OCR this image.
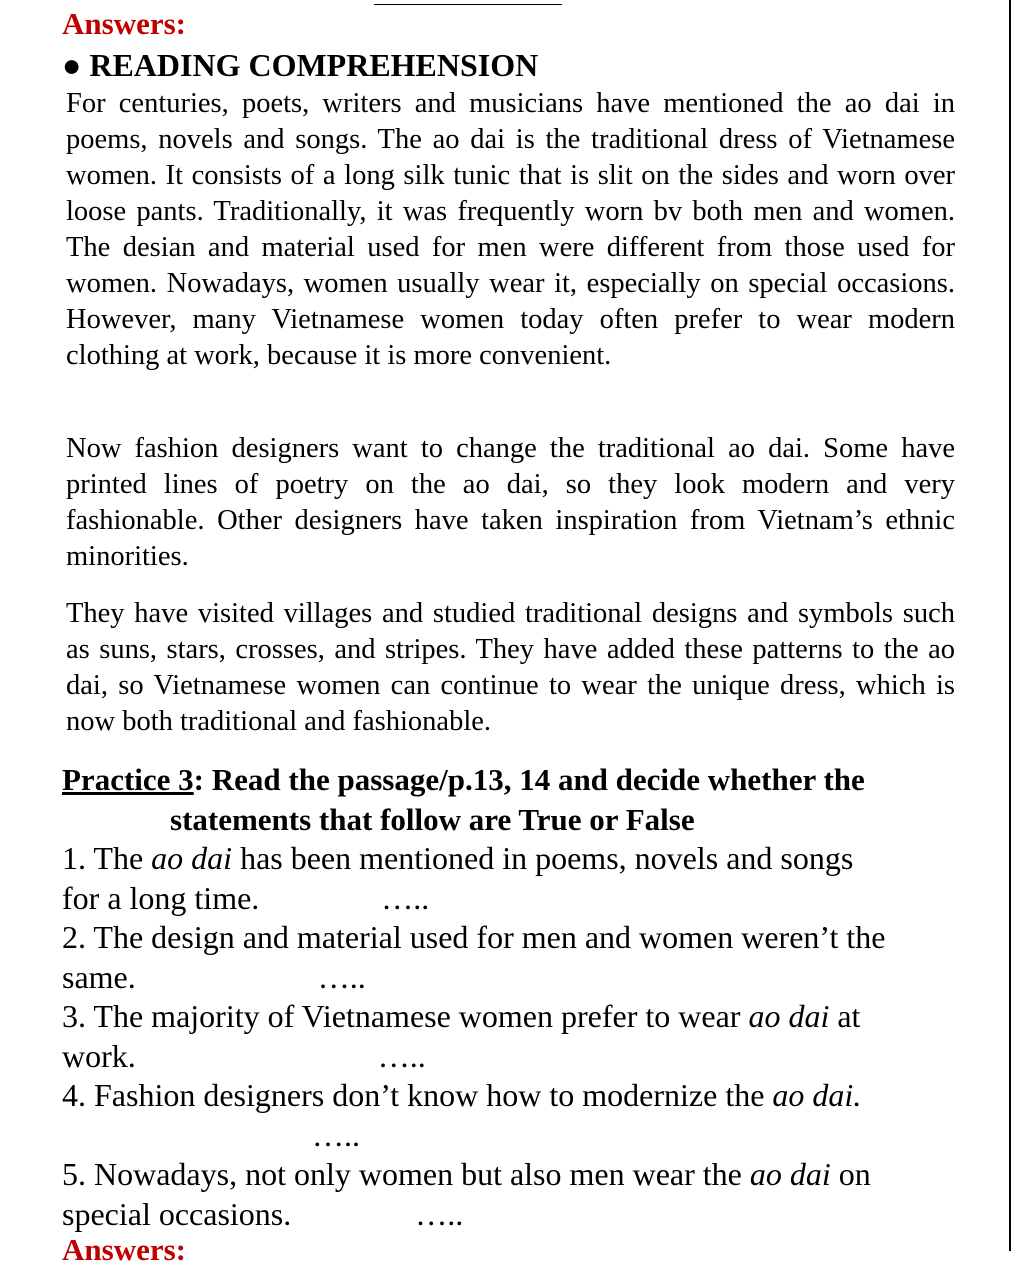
Answers:
● READING COMPREHENSION

For centuries, poets, writers and musicians have mentioned the ao dai in poems, novels and songs. The ao dai is the traditional dress of Vietnamese women. It consists of a long silk tunic that is slit on the sides and worn over loose pants. Traditionally, it was frequently worn bv both men and women. The desian and material used for men were different from those used for women. Nowadays, women usually wear it, especially on special occasions. However, many Vietnamese women today often prefer to wear modern clothing at work, because it is more convenient.

Now fashion designers want to change the traditional ao dai. Some have printed lines of poetry on the ao dai, so they look modern and very fashionable. Other designers have taken inspiration from Vietnam’s ethnic minorities.

They have visited villages and studied traditional designs and symbols such as suns, stars, crosses, and stripes. They have added these patterns to the ao dai, so Vietnamese women can continue to wear the unique dress, which is now both traditional and fashionable.

Practice 3: Read the passage/p.13, 14 and decide whether the
statements that follow are True or False

1. The ao dai has been mentioned in poems, novels and songs
for a long time.	…..

2. The design and material used for men and women weren’t the
same.	…..

3. The majority of Vietnamese women prefer to wear ao dai at
work.	…..

4. Fashion designers don’t know how to modernize the ao dai.
…..

5. Nowadays, not only women but also men wear the ao dai on
special occasions.	…..

Answers:
